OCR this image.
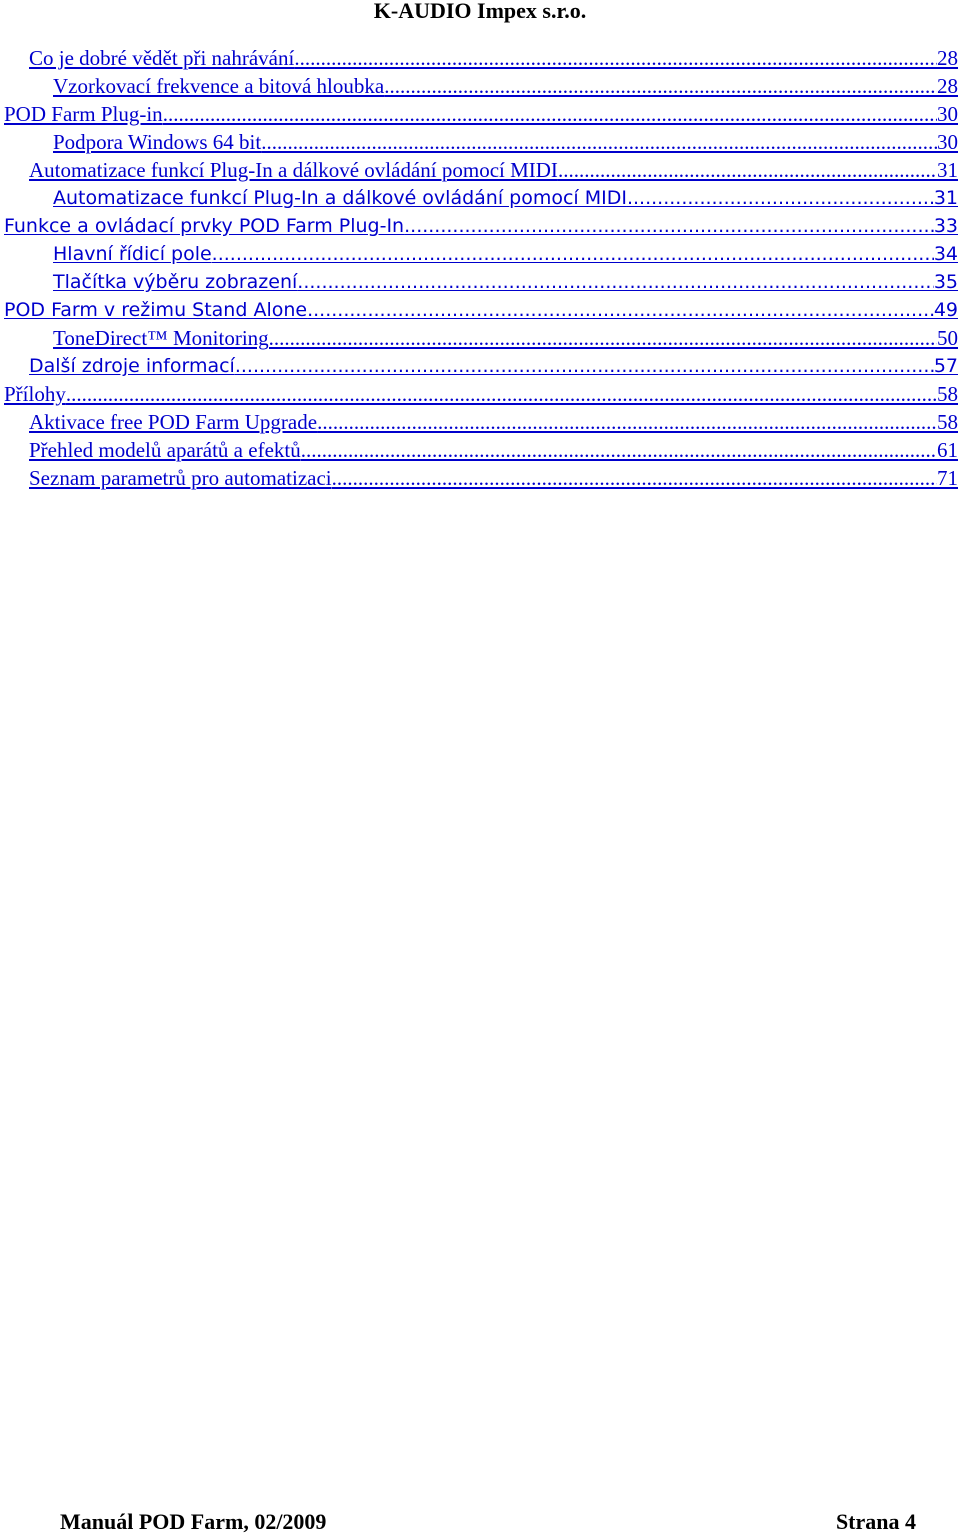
K-AUDIO Impex s.r.o.
Co je dobré vědět při nahrávání .....	28
Vzorkovací frekvence a bitová hloubka .....	28
POD Farm Plug-in .....	30
Podpora Windows 64 bit .....	30
Automatizace funkcí Plug-In a dálkové ovládání pomocí MIDI .....	31
Automatizace funkcí Plug-In a dálkové ovládání pomocí MIDI .....	31
Funkce a ovládací prvky POD Farm Plug-In .....	33
Hlavní řídicí pole .....	34
Tlačítka výběru zobrazení .....	35
POD Farm v režimu Stand Alone .....	49
ToneDirect™ Monitoring .....	50
Další zdroje informací .....	57
Přílohy .....	58
Aktivace free POD Farm Upgrade .....	58
Přehled modelů aparátů a efektů .....	61
Seznam parametrů pro automatizaci .....	71
Manuál POD Farm, 02/2009	Strana 4
